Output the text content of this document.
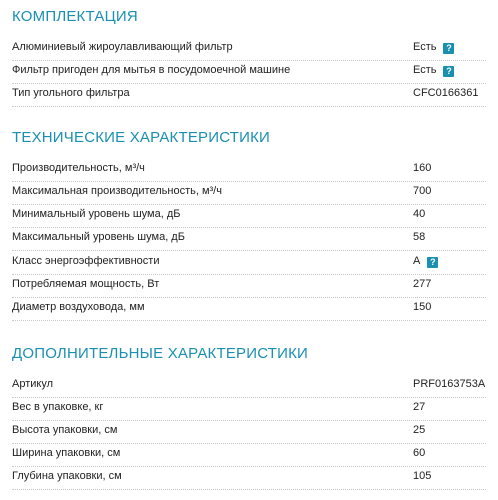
КОМПЛЕКТАЦИЯ
Алюминиевый жироулавливающий фильтр	Есть ?
Фильтр пригоден для мытья в посудомоечной машине	Есть ?
Тип угольного фильтра	CFC0166361
ТЕХНИЧЕСКИЕ ХАРАКТЕРИСТИКИ
Производительность, м³/ч	160
Максимальная производительность, м³/ч	700
Минимальный уровень шума, дБ	40
Максимальный уровень шума, дБ	58
Класс энергоэффективности	A ?
Потребляемая мощность, Вт	277
Диаметр воздуховода, мм	150
ДОПОЛНИТЕЛЬНЫЕ ХАРАКТЕРИСТИКИ
Артикул	PRF0163753A
Вес в упаковке, кг	27
Высота упаковки, см	25
Ширина упаковки, см	60
Глубина упаковки, см	105
